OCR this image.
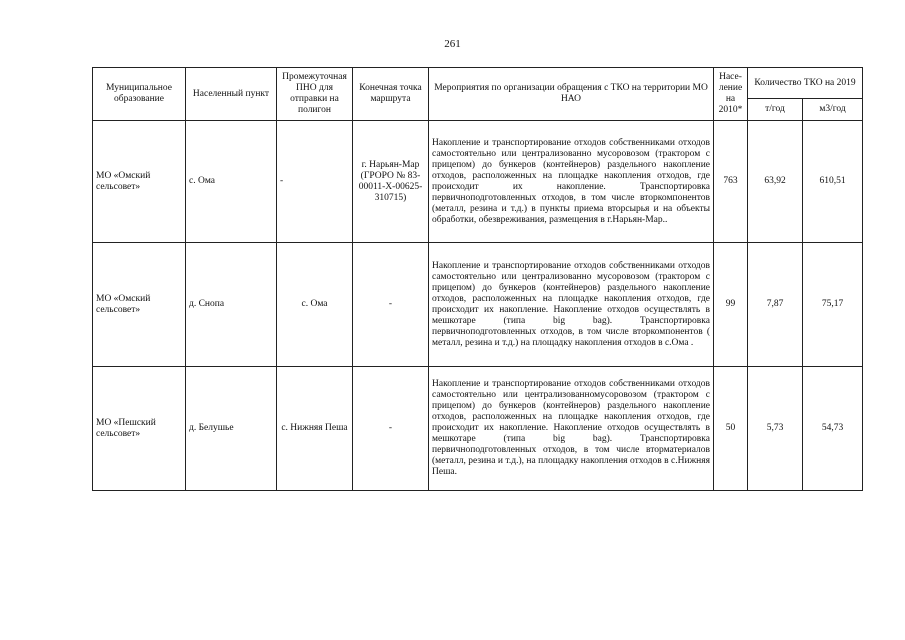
261
Муниципальное образование	Населенный пункт	Промежуточная ПНО для отправки на полигон	Конечная точка маршрута	Мероприятия по организации обращения с ТКО на территории МО НАО	Насе-ление на 2010*	Количество ТКО на 2019	
						т/год	м3/год
МО «Омский сельсовет»	с. Ома	-	г. Нарьян-Мар (ГРОРО № 83-00011-Х-00625-310715)	Накопление и транспортирование отходов собственниками отходов самостоятельно или централизованно мусоровозом (трактором с прицепом) до бункеров (контейнеров) раздельного накопление отходов, расположенных на площадке накопления отходов, где происходит их накопление. Транспортировка первичноподготовленных отходов, в том числе вторкомпонентов (металл, резина и т.д.) в пункты приема вторсырья и на объекты обработки, обезвреживания, размещения в г.Нарьян-Мар..	763	63,92	610,51
МО «Омский сельсовет»	д. Снопа	с. Ома	-	Накопление и транспортирование отходов собственниками отходов самостоятельно или централизованно мусоровозом (трактором с прицепом) до бункеров (контейнеров) раздельного накопление отходов, расположенных на площадке накопления отходов, где происходит их накопление. Накопление отходов осуществлять в мешкотаре (типа big bag). Транспортировка первичноподготовленных отходов, в том числе вторкомпонентов ( металл, резина и т.д.) на площадку накопления отходов в с.Ома .	99	7,87	75,17
МО «Пешский сельсовет»	д. Белушье	с. Нижняя Пеша	-	Накопление и транспортирование отходов собственниками отходов самостоятельно или централизованномусоровозом (трактором с прицепом) до бункеров (контейнеров) раздельного накопление отходов, расположенных на площадке накопления отходов, где происходит их накопление. Накопление отходов осуществлять в мешкотаре (типа big bag). Транспортировка первичноподготовленных отходов, в том числе вторматериалов (металл, резина и т.д.), на площадку накопления отходов в с.Нижняя Пеша.	50	5,73	54,73
